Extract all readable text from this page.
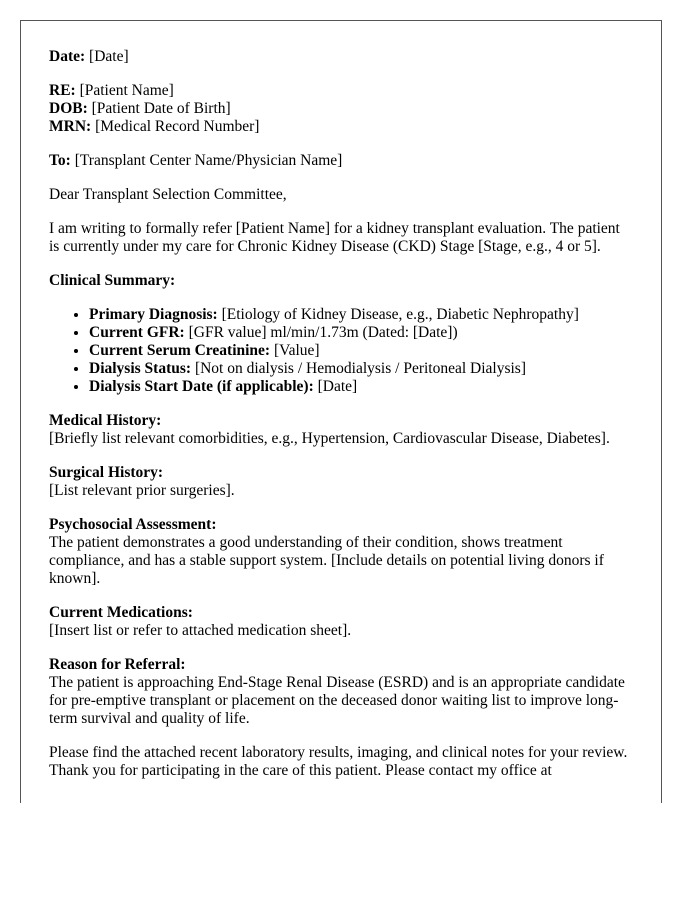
Date: [Date]

RE: [Patient Name]

DOB: [Patient Date of Birth]

MRN: [Medical Record Number]

To: [Transplant Center Name/Physician Name]

Dear Transplant Selection Committee,

I am writing to formally refer [Patient Name] for a kidney transplant evaluation. The patient is currently under my care for Chronic Kidney Disease (CKD) Stage [Stage, e.g., 4 or 5].

Clinical Summary:

• Primary Diagnosis: [Etiology of Kidney Disease, e.g., Diabetic Nephropathy]
• Current GFR: [GFR value] ml/min/1.73m (Dated: [Date])
• Current Serum Creatinine: [Value]
• Dialysis Status: [Not on dialysis / Hemodialysis / Peritoneal Dialysis]
• Dialysis Start Date (if applicable): [Date]

Medical History:

[Briefly list relevant comorbidities, e.g., Hypertension, Cardiovascular Disease, Diabetes].

Surgical History:

[List relevant prior surgeries].

Psychosocial Assessment:

The patient demonstrates a good understanding of their condition, shows treatment compliance, and has a stable support system. [Include details on potential living donors if known].

Current Medications:

[Insert list or refer to attached medication sheet].

Reason for Referral:

The patient is approaching End-Stage Renal Disease (ESRD) and is an appropriate candidate for pre-emptive transplant or placement on the deceased donor waiting list to improve long-term survival and quality of life.

Please find the attached recent laboratory results, imaging, and clinical notes for your review. Thank you for participating in the care of this patient. Please contact my office at
